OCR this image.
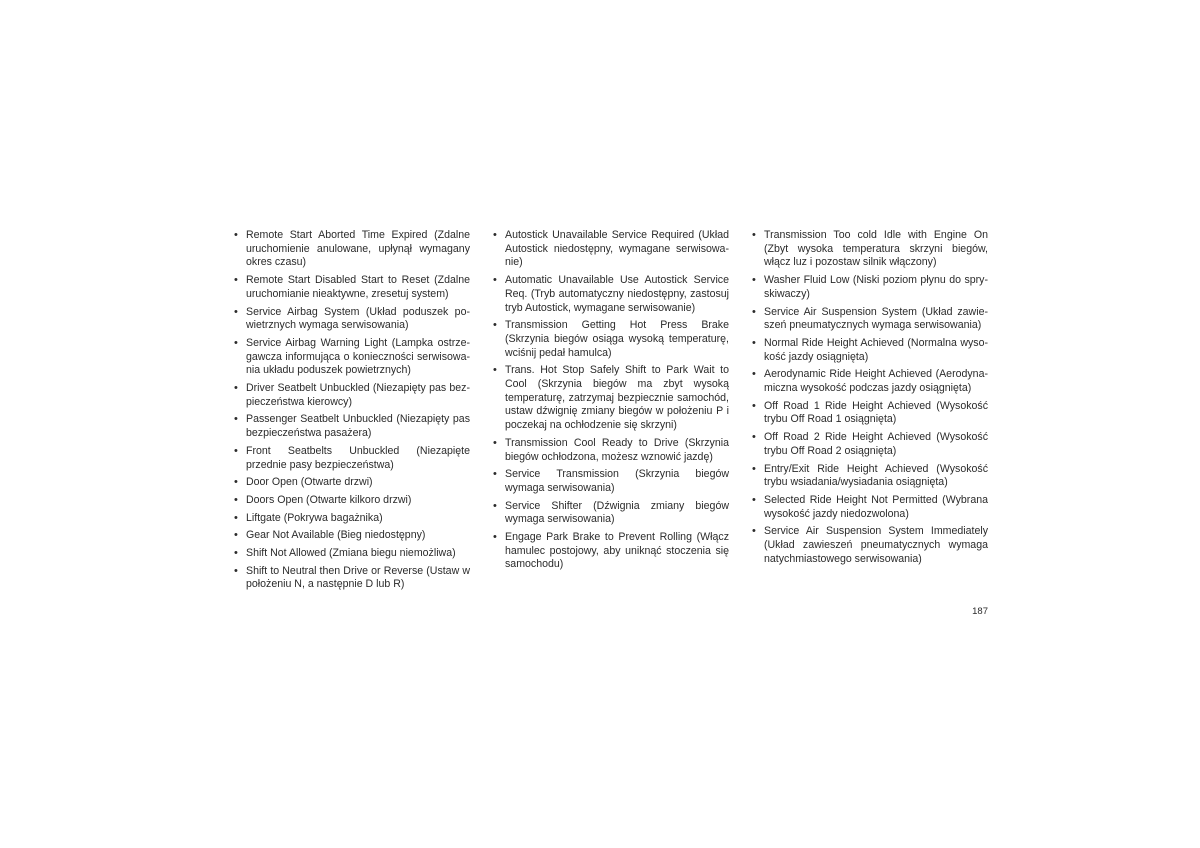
• Remote Start Aborted Time Expired (Zdalne uruchomienie anulowane, upłynął wymagany okres czasu)
• Remote Start Disabled Start to Reset (Zdalne uruchomianie nieaktywne, zresetuj system)
• Service Airbag System (Układ poduszek powietrznych wymaga serwisowania)
• Service Airbag Warning Light (Lampka ostrzegawcza informująca o konieczności serwisowania układu poduszek powietrznych)
• Driver Seatbelt Unbuckled (Niezapięty pas bezpieczeństwa kierowcy)
• Passenger Seatbelt Unbuckled (Niezapięty pas bezpieczeństwa pasażera)
• Front Seatbelts Unbuckled (Niezapięte przednie pasy bezpieczeństwa)
• Door Open (Otwarte drzwi)
• Doors Open (Otwarte kilkoro drzwi)
• Liftgate (Pokrywa bagażnika)
• Gear Not Available (Bieg niedostępny)
• Shift Not Allowed (Zmiana biegu niemożliwa)
• Shift to Neutral then Drive or Reverse (Ustaw w położeniu N, a następnie D lub R)
• Autostick Unavailable Service Required (Układ Autostick niedostępny, wymagane serwisowanie)
• Automatic Unavailable Use Autostick Service Req. (Tryb automatyczny niedostępny, zastosuj tryb Autostick, wymagane serwisowanie)
• Transmission Getting Hot Press Brake (Skrzynia biegów osiąga wysoką temperaturę, wciśnij pedał hamulca)
• Trans. Hot Stop Safely Shift to Park Wait to Cool (Skrzynia biegów ma zbyt wysoką temperaturę, zatrzymaj bezpiecznie samochód, ustaw dźwignię zmiany biegów w położeniu P i poczekaj na ochłodzenie się skrzyni)
• Transmission Cool Ready to Drive (Skrzynia biegów ochłodzona, możesz wznowić jazdę)
• Service Transmission (Skrzynia biegów wymaga serwisowania)
• Service Shifter (Dźwignia zmiany biegów wymaga serwisowania)
• Engage Park Brake to Prevent Rolling (Włącz hamulec postojowy, aby uniknąć stoczenia się samochodu)
• Transmission Too cold Idle with Engine On (Zbyt wysoka temperatura skrzyni biegów, włącz luz i pozostaw silnik włączony)
• Washer Fluid Low (Niski poziom płynu do spryskiwaczy)
• Service Air Suspension System (Układ zawieszeń pneumatycznych wymaga serwisowania)
• Normal Ride Height Achieved (Normalna wysokość jazdy osiągnięta)
• Aerodynamic Ride Height Achieved (Aerodynamiczna wysokość podczas jazdy osiągnięta)
• Off Road 1 Ride Height Achieved (Wysokość trybu Off Road 1 osiągnięta)
• Off Road 2 Ride Height Achieved (Wysokość trybu Off Road 2 osiągnięta)
• Entry/Exit Ride Height Achieved (Wysokość trybu wsiadania/wysiadania osiągnięta)
• Selected Ride Height Not Permitted (Wybrana wysokość jazdy niedozwolona)
• Service Air Suspension System Immediately (Układ zawieszeń pneumatycznych wymaga natychmiastowego serwisowania)
187
